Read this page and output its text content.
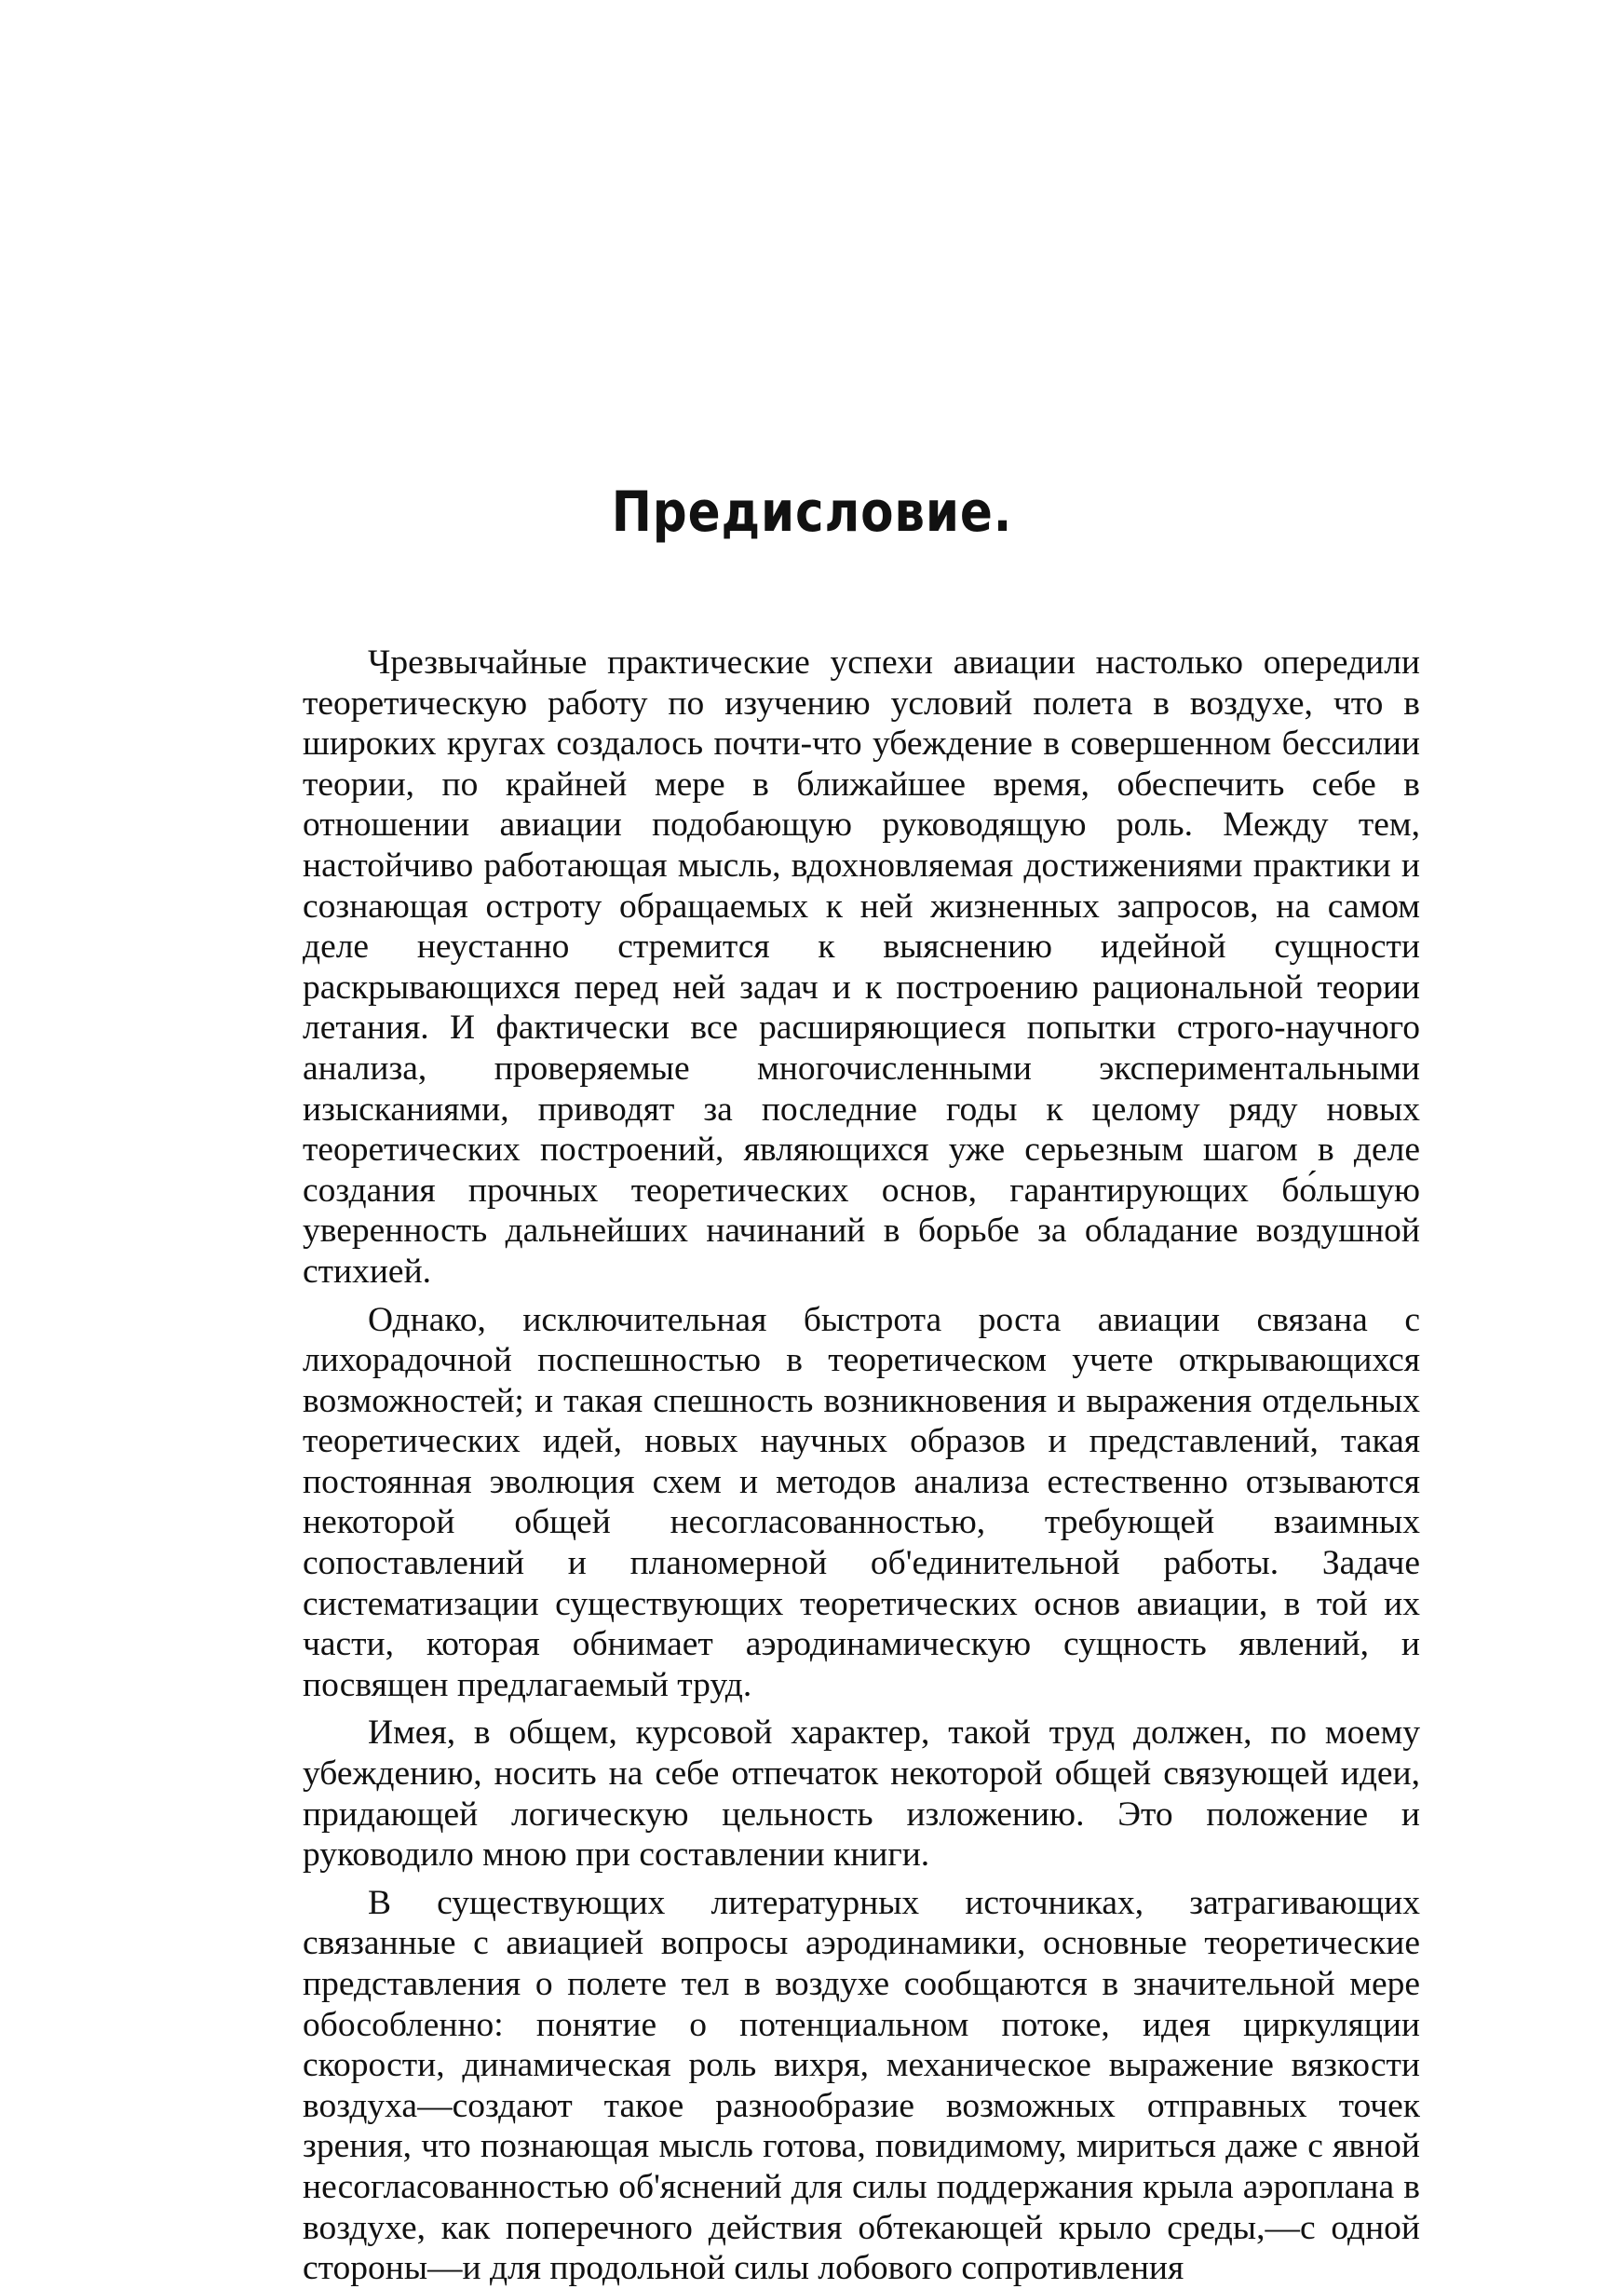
Предисловие.

Чрезвычайные практические успехи авиации настолько опередили теоретическую работу по изучению условий полета в воздухе, что в широких кругах создалось почти-что убеждение в совершенном бессилии теории, по крайней мере в ближайшее время, обеспечить себе в отношении авиации подобающую руководящую роль. Между тем, настойчиво работающая мысль, вдохновляемая достижениями практики и сознающая остроту обращаемых к ней жизненных запросов, на самом деле неустанно стремится к выяснению идейной сущности раскрывающихся перед ней задач и к построению рациональной теории летания. И фактически все расширяющиеся попытки строго-научного анализа, проверяемые многочисленными экспериментальными изысканиями, приводят за последние годы к целому ряду новых теоретических построений, являющихся уже серьезным шагом в деле создания прочных теоретических основ, гарантирующих бо́льшую уверенность дальнейших начинаний в борьбе за обладание воздушной стихией.

Однако, исключительная быстрота роста авиации связана с лихорадочной поспешностью в теоретическом учете открывающихся возможностей; и такая спешность возникновения и выражения отдельных теоретических идей, новых научных образов и представлений, такая постоянная эволюция схем и методов анализа естественно отзываются некоторой общей несогласованностью, требующей взаимных сопоставлений и планомерной об'единительной работы. Задаче систематизации существующих теоретических основ авиации, в той их части, которая обнимает аэродинамическую сущность явлений, и посвящен предлагаемый труд.

Имея, в общем, курсовой характер, такой труд должен, по моему убеждению, носить на себе отпечаток некоторой общей связующей идеи, придающей логическую цельность изложению. Это положение и руководило мною при составлении книги.

В существующих литературных источниках, затрагивающих связанные с авиацией вопросы аэродинамики, основные теоретические представления о полете тел в воздухе сообщаются в значительной мере обособленно: понятие о потенциальном потоке, идея циркуляции скорости, динамическая роль вихря, механическое выражение вязкости воздуха—создают такое разнообразие возможных отправных точек зрения, что познающая мысль готова, повидимому, мириться даже с явной несогласованностью об'яснений для силы поддержания крыла аэроплана в воздухе, как поперечного действия обтекающей крыло среды,—с одной стороны—и для продольной силы лобового сопротивления
